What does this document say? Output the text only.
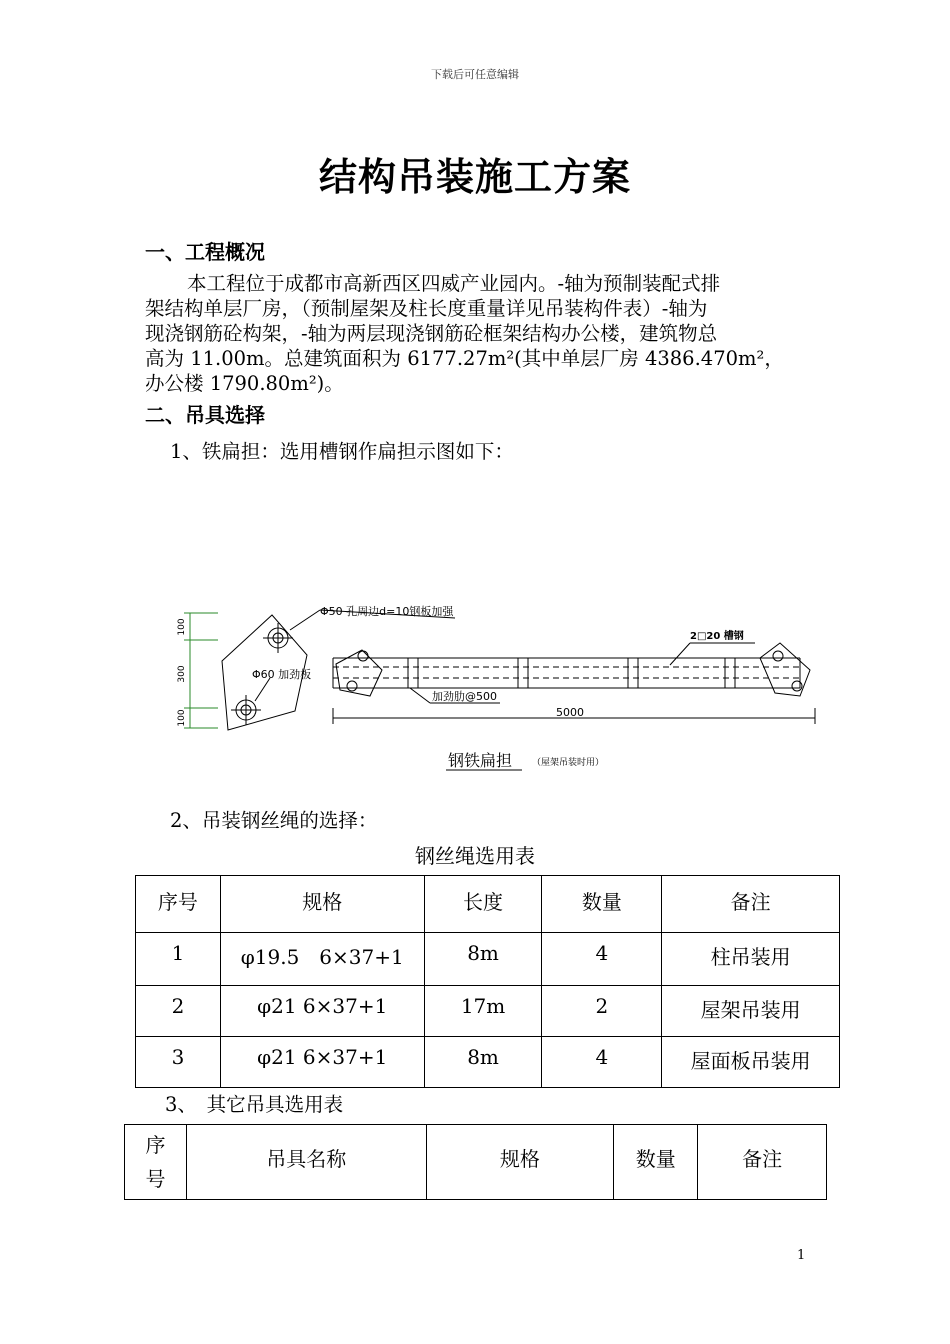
下载后可任意编辑
结构吊装施工方案
一、工程概况

本工程位于成都市高新西区四威产业园内。-轴为预制装配式排

架结构单层厂房，（预制屋架及柱长度重量详见吊装构件表）-轴为

现浇钢筋砼构架，-轴为两层现浇钢筋砼框架结构办公楼，建筑物总

高为 11.00m。总建筑面积为 6177.27m²(其中单层厂房 4386.470m²，

办公楼 1790.80m²)。

二、吊具选择
1、铁扁担：选用槽钢作扁担示图如下：
100
300
100
Φ50 孔周边d=10钢板加强
Φ60 加劲板
2□20 槽钢
加劲肋@500
5000
钢铁扁担 （屋架吊装时用）
2、吊装钢丝绳的选择：
钢丝绳选用表
序号	规格	长度	数量	备注
1	φ19.5　6×37+1	8m	4	柱吊装用
2	φ21 6×37+1	17m	2	屋架吊装用
3	φ21 6×37+1	8m	4	屋面板吊装用
3、　其它吊具选用表
序号	吊具名称	规格	数量	备注
1
